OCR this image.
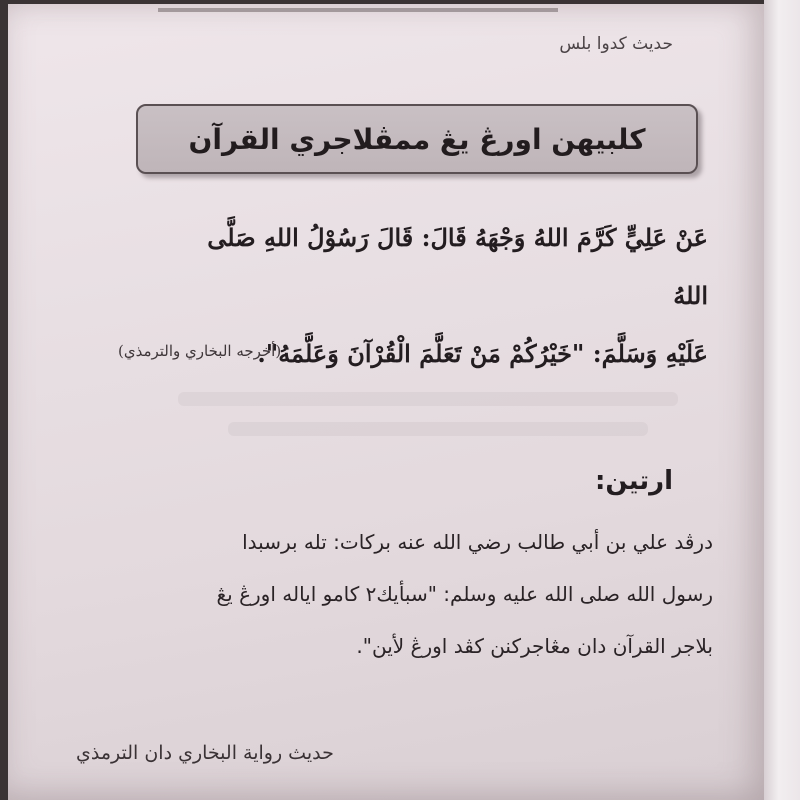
حديث كدوا بلس
كلبيهن اورڠ يڠ ممڤلاجري القرآن
عَنْ عَلِيٍّ كَرَّمَ اللهُ وَجْهَهُ قَالَ: قَالَ رَسُوْلُ اللهِ صَلَّى اللهُ
عَلَيْهِ وَسَلَّمَ: "خَيْرُكُمْ مَنْ تَعَلَّمَ الْقُرْآنَ وَعَلَّمَهُ".
(أخرجه البخاري والترمذي)
ارتين:
درڤد علي بن أبي طالب رضي الله عنه بركات: تله برسبدا
رسول الله صلى الله عليه وسلم: "سبأيك٢ كامو اياله اورڠ يڠ
بلاجر القرآن دان مڠاجركنن كڤد اورڠ لأين".
حديث رواية البخاري دان الترمذي
